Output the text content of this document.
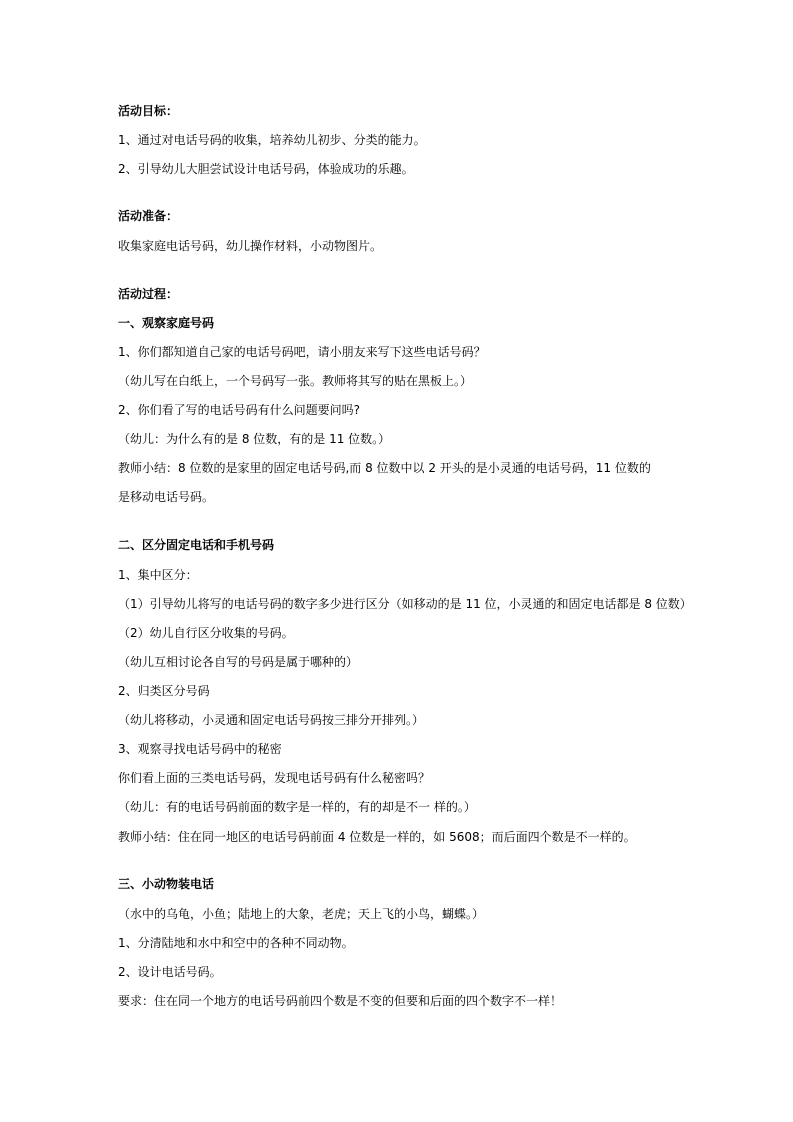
活动目标：
1、通过对电话号码的收集，培养幼儿初步、分类的能力。
2、引导幼儿大胆尝试设计电话号码，体验成功的乐趣。
活动准备：
收集家庭电话号码，幼儿操作材料，小动物图片。
活动过程：
一、观察家庭号码
1、你们都知道自己家的电话号码吧，请小朋友来写下这些电话号码？
（幼儿写在白纸上，一个号码写一张。教师将其写的贴在黑板上。）
2、你们看了写的电话号码有什么问题要问吗?
（幼儿：为什么有的是 8 位数，有的是 11 位数。）
教师小结：8 位数的是家里的固定电话号码,而 8 位数中以 2 开头的是小灵通的电话号码，11 位数的
是移动电话号码。
二、区分固定电话和手机号码
1、集中区分：
（1）引导幼儿将写的电话号码的数字多少进行区分（如移动的是 11 位，小灵通的和固定电话都是 8 位数）
（2）幼儿自行区分收集的号码。
（幼儿互相讨论各自写的号码是属于哪种的）
2、归类区分号码
（幼儿将移动，小灵通和固定电话号码按三排分开排列。）
3、观察寻找电话号码中的秘密
你们看上面的三类电话号码，发现电话号码有什么秘密吗？
（幼儿：有的电话号码前面的数字是一样的，有的却是不一 样的。）
教师小结：住在同一地区的电话号码前面 4 位数是一样的，如 5608；而后面四个数是不一样的。
三、小动物装电话
（水中的乌龟，小鱼；陆地上的大象，老虎；天上飞的小鸟，蝴蝶。）
1、分清陆地和水中和空中的各种不同动物。
2、设计电话号码。
要求：住在同一个地方的电话号码前四个数是不变的但要和后面的四个数字不一样！
